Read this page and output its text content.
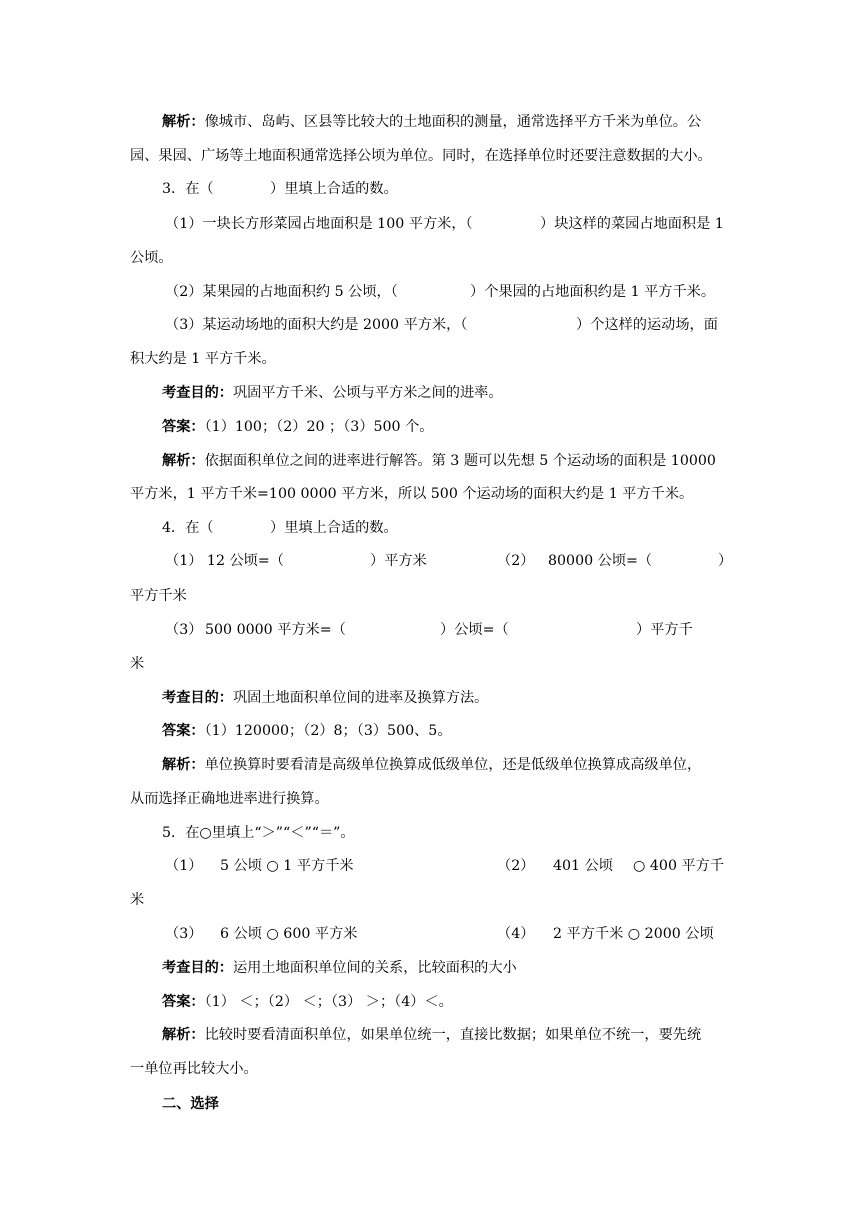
解析：像城市、岛屿、区县等比较大的土地面积的测量，通常选择平方千米为单位。公
园、果园、广场等土地面积通常选择公顷为单位。同时，在选择单位时还要注意数据的大小。
3．在（	）里填上合适的数。
（1）一块长方形菜园占地面积是 100 平方米，（	）块这样的菜园占地面积是 1
公顷。
（2）某果园的占地面积约 5 公顷，（	）个果园的占地面积约是 1 平方千米。
（3）某运动场地的面积大约是 2000 平方米，（	）个这样的运动场，面
积大约是 1 平方千米。
考查目的：巩固平方千米、公顷与平方米之间的进率。
答案：（1）100；（2）20 ；（3）500 个。
解析：依据面积单位之间的进率进行解答。第 3 题可以先想 5 个运动场的面积是 10000
平方米，1 平方千米=100 0000 平方米，所以 500 个运动场的面积大约是 1 平方千米。
4．在（	）里填上合适的数。
（1） 12 公顷=（	）平方米	（2） 80000 公顷=（	）
平方千米
（3） 500 0000 平方米=（	）公顷=（	）平方千
米
考查目的：巩固土地面积单位间的进率及换算方法。
答案：（1）120000；（2）8；（3）500、5。
解析：单位换算时要看清是高级单位换算成低级单位，还是低级单位换算成高级单位，
从而选择正确地进率进行换算。
5．在○里填上“＞”“＜”“＝”。
（1） 5 公顷 ○ 1 平方千米	（2） 401 公顷 ○ 400 平方千
米
（3） 6 公顷 ○ 600 平方米	（4） 2 平方千米 ○ 2000 公顷
考查目的：运用土地面积单位间的关系，比较面积的大小
答案：（1） ＜；（2） ＜；（3） ＞；（4）＜。
解析：比较时要看清面积单位，如果单位统一，直接比数据；如果单位不统一，要先统
一单位再比较大小。
二、选择
